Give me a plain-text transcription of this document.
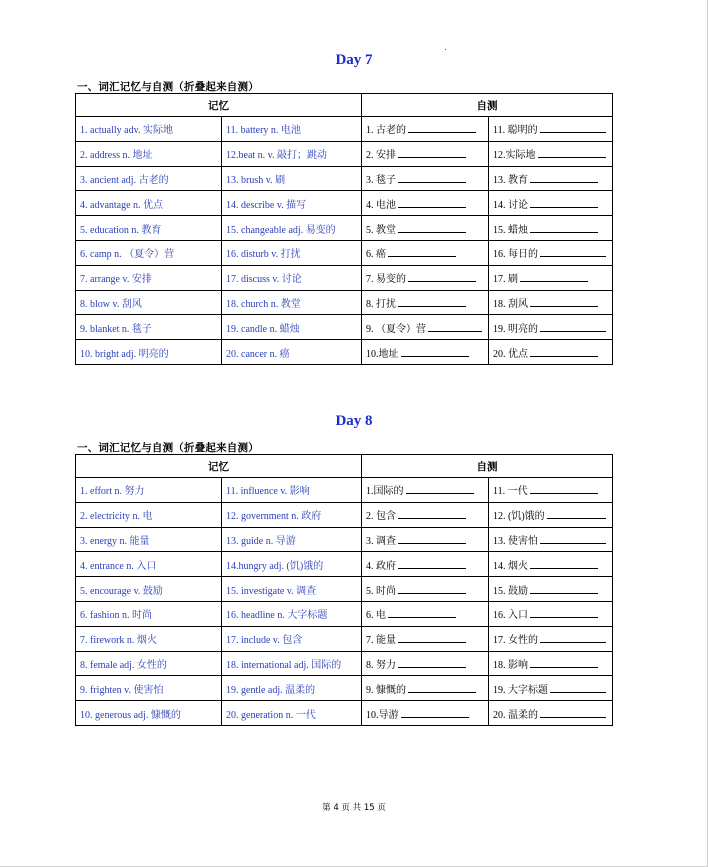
Day 7
一、词汇记忆与自测（折叠起来自测）
记忆		自测	
1. actually adv. 实际地	11. battery n. 电池	1. 古老的	11. 聪明的
2. address n. 地址	12.beat n. v. 敲打；跳动	2. 安排	12.实际地
3. ancient adj. 古老的	13. brush v. 刷	3. 毯子	13. 教育
4. advantage n. 优点	14. describe v. 描写	4. 电池	14. 讨论
5. education n. 教育	15. changeable adj. 易变的	5. 教堂	15. 蜡烛
6. camp n. （夏令）营	16. disturb v. 打扰	6. 癌	16. 每日的
7. arrange v. 安排	17. discuss v. 讨论	7. 易变的	17. 刷
8. blow v. 刮风	18. church n. 教堂	8. 打扰	18. 刮风
9. blanket n. 毯子	19. candle n. 蜡烛	9. （夏令）营	19. 明亮的
10. bright adj. 明亮的	20. cancer n. 癌	10.地址	20. 优点
Day 8
一、词汇记忆与自测（折叠起来自测）
记忆		自测	
1. effort n. 努力	11. influence v. 影响	1.国际的	11. 一代
2. electricity n. 电	12. government n. 政府	2. 包含	12. (饥)饿的
3. energy n. 能量	13. guide n. 导游	3. 调查	13. 使害怕
4. entrance n. 入口	14.hungry adj. (饥)饿的	4. 政府	14. 烟火
5. encourage v. 鼓励	15. investigate v. 调查	5. 时尚	15. 鼓励
6. fashion n. 时尚	16. headline n. 大字标题	6. 电	16. 入口
7. firework n. 烟火	17. include v. 包含	7. 能量	17. 女性的
8. female adj. 女性的	18. international adj. 国际的	8. 努力	18. 影响
9. frighten v. 使害怕	19. gentle adj. 温柔的	9. 慷慨的	19. 大字标题
10. generous adj. 慷慨的	20. generation n. 一代	10.导游	20. 温柔的
第 4 页 共 15 页
